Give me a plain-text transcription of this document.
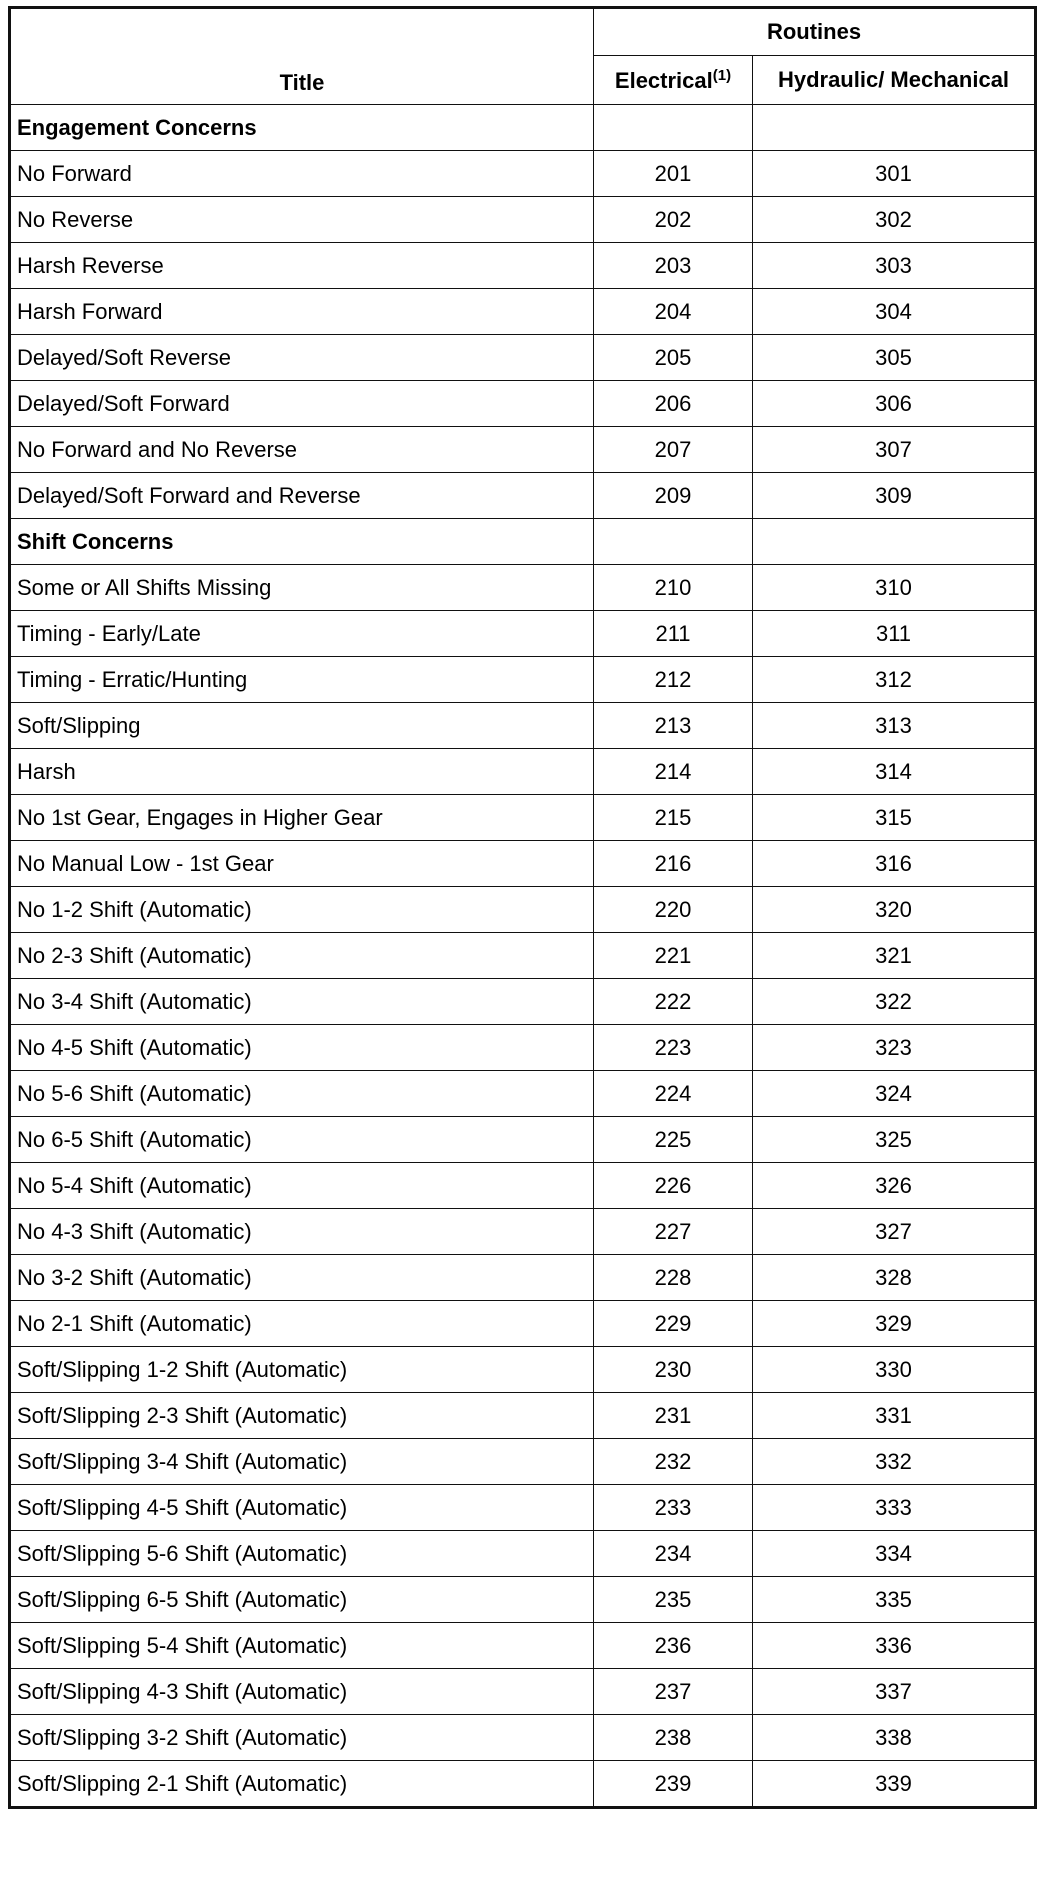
Title	Routines	
	Electrical$^{(1)}$	Hydraulic/ Mechanical
Engagement Concerns		
No Forward	201	301
No Reverse	202	302
Harsh Reverse	203	303
Harsh Forward	204	304
Delayed/Soft Reverse	205	305
Delayed/Soft Forward	206	306
No Forward and No Reverse	207	307
Delayed/Soft Forward and Reverse	209	309
Shift Concerns		
Some or All Shifts Missing	210	310
Timing - Early/Late	211	311
Timing - Erratic/Hunting	212	312
Soft/Slipping	213	313
Harsh	214	314
No 1st Gear, Engages in Higher Gear	215	315
No Manual Low - 1st Gear	216	316
No 1-2 Shift (Automatic)	220	320
No 2-3 Shift (Automatic)	221	321
No 3-4 Shift (Automatic)	222	322
No 4-5 Shift (Automatic)	223	323
No 5-6 Shift (Automatic)	224	324
No 6-5 Shift (Automatic)	225	325
No 5-4 Shift (Automatic)	226	326
No 4-3 Shift (Automatic)	227	327
No 3-2 Shift (Automatic)	228	328
No 2-1 Shift (Automatic)	229	329
Soft/Slipping 1-2 Shift (Automatic)	230	330
Soft/Slipping 2-3 Shift (Automatic)	231	331
Soft/Slipping 3-4 Shift (Automatic)	232	332
Soft/Slipping 4-5 Shift (Automatic)	233	333
Soft/Slipping 5-6 Shift (Automatic)	234	334
Soft/Slipping 6-5 Shift (Automatic)	235	335
Soft/Slipping 5-4 Shift (Automatic)	236	336
Soft/Slipping 4-3 Shift (Automatic)	237	337
Soft/Slipping 3-2 Shift (Automatic)	238	338
Soft/Slipping 2-1 Shift (Automatic)	239	339
